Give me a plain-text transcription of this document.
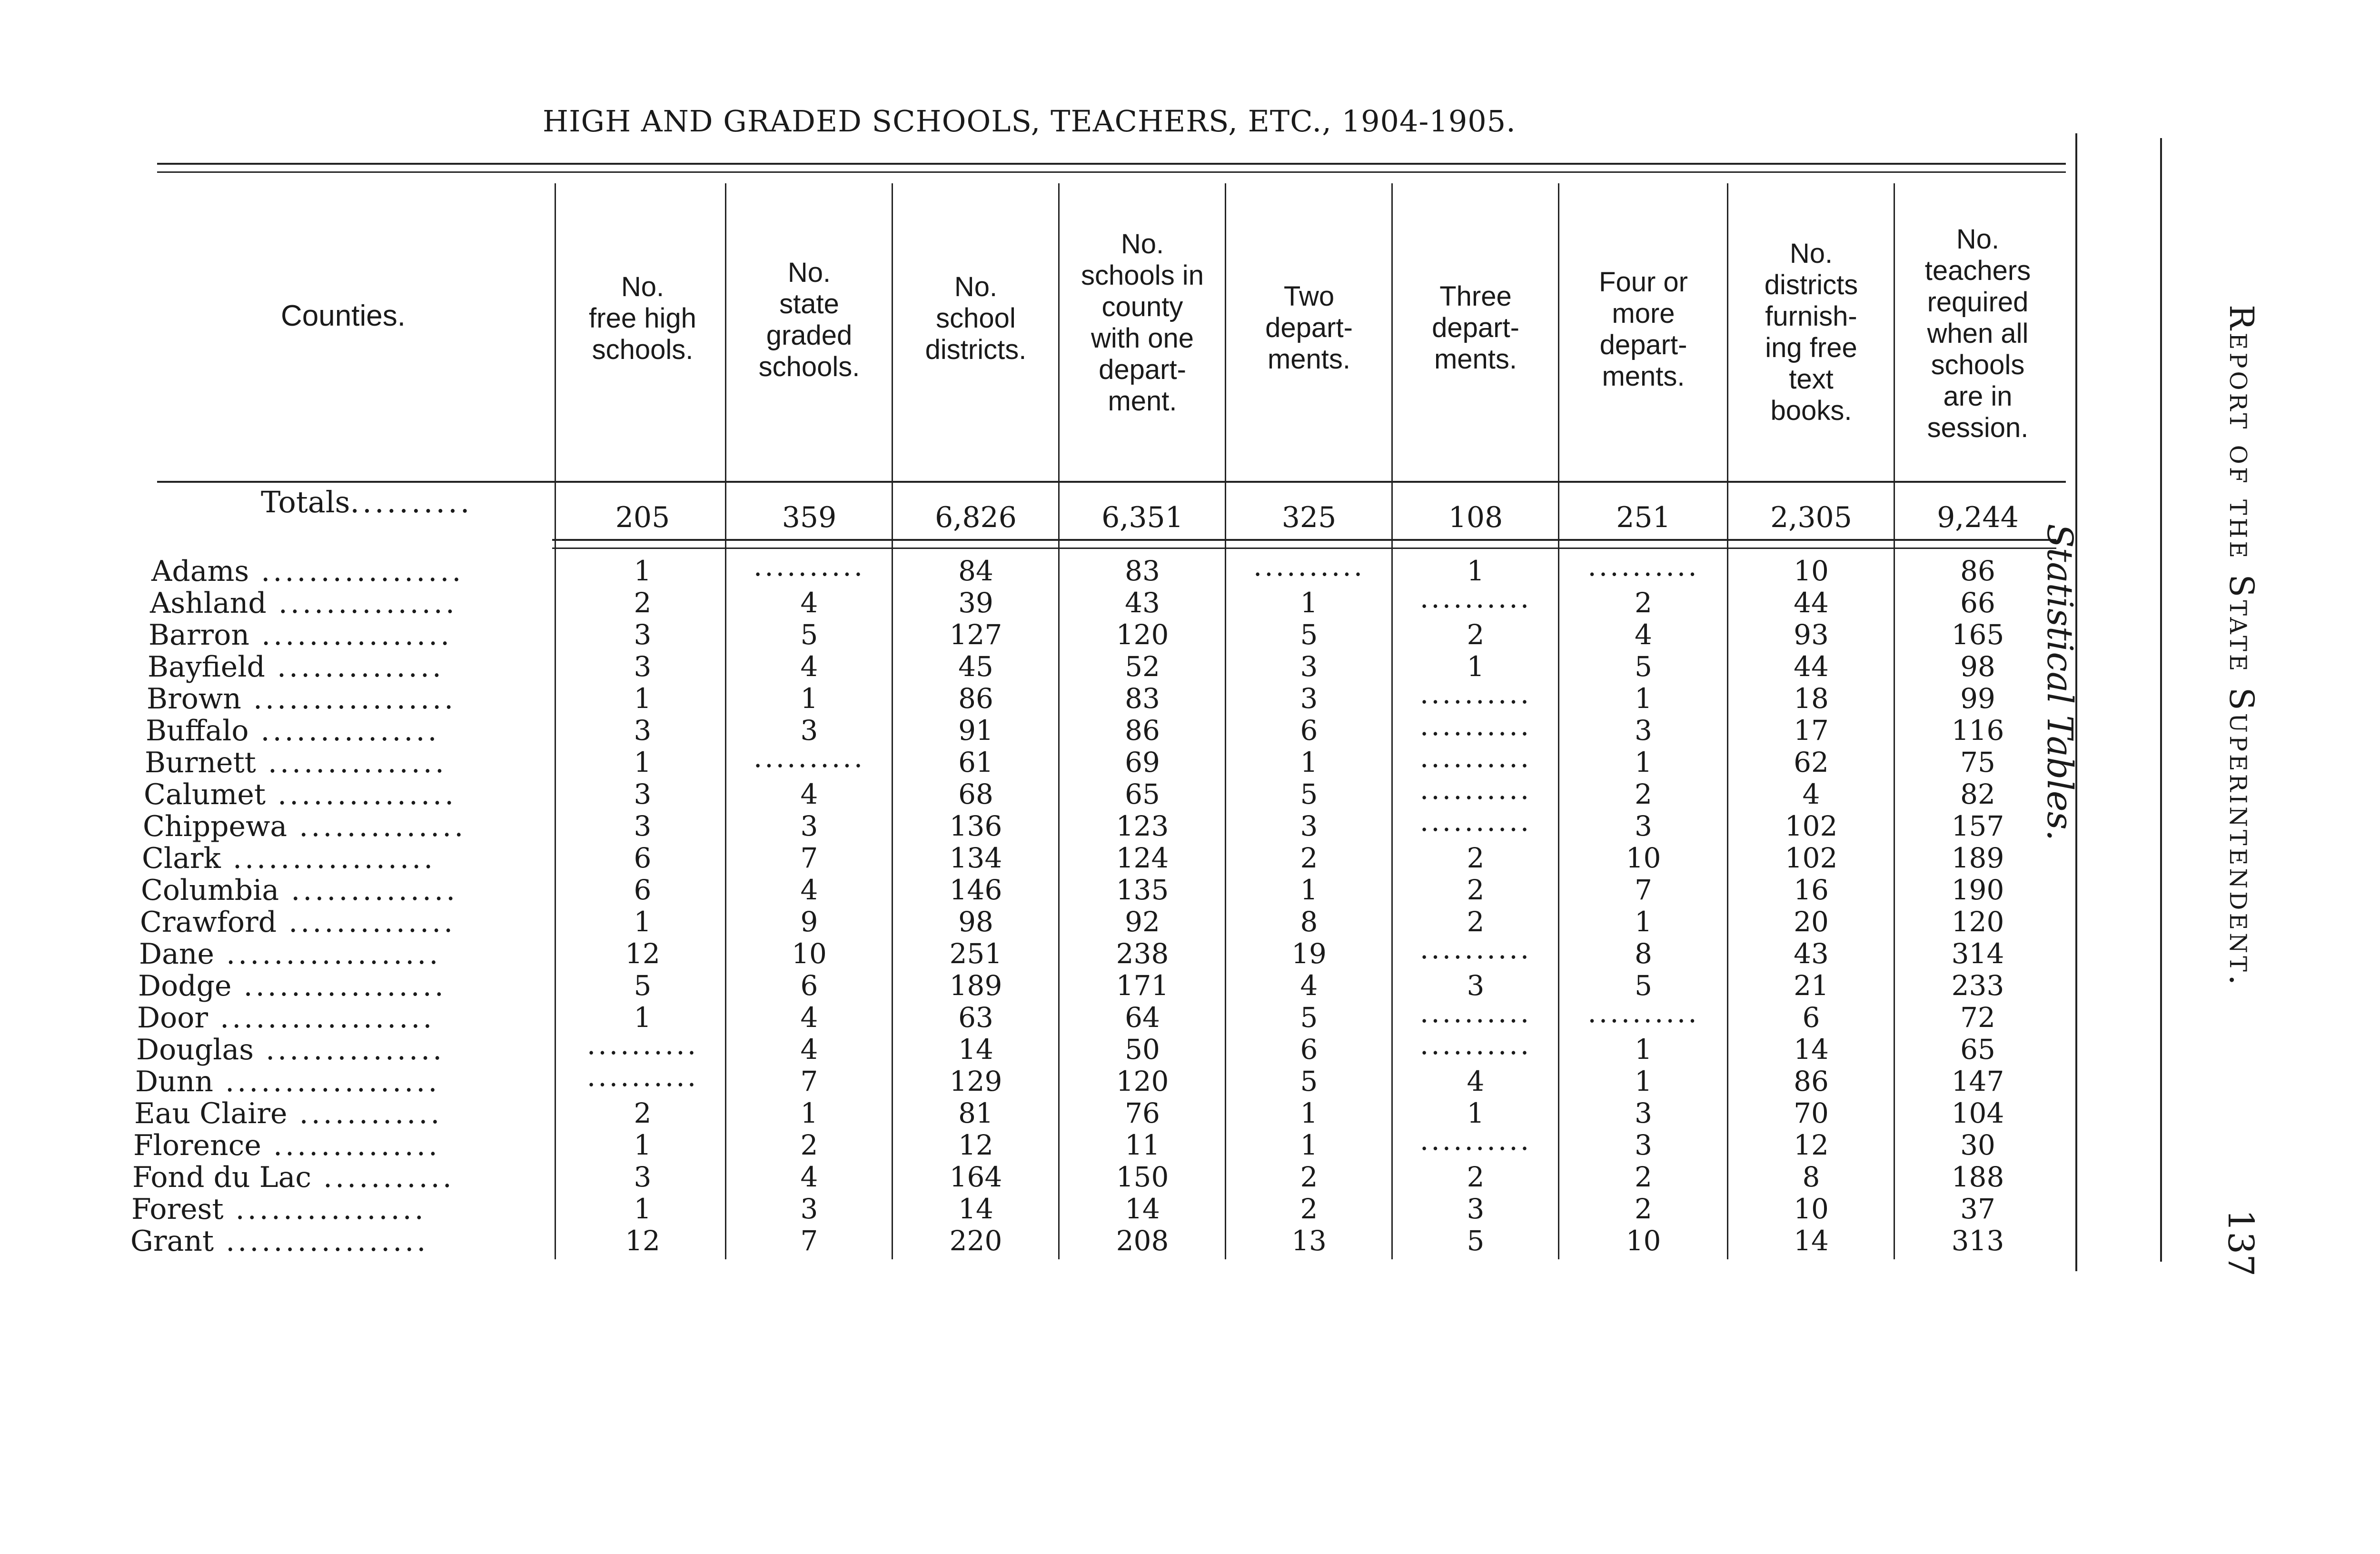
HIGH AND GRADED SCHOOLS, TEACHERS, ETC., 1904-1905.
Counties.
No.
free high
schools.
No.
state
graded
schools.
No.
school
districts.
No.
schools in
county
with one
depart-
ment.
Two
depart-
ments.
Three
depart-
ments.
Four or
more
depart-
ments.
No.
districts
furnish-
ing free
text
books.
No.
teachers
required
when all
schools
are in
session.
Totals..........	205	359	6,826	6,351	325	108	251	2,305	9,244
Adams .................	1	..........	84	83	..........	1	..........	10	86
Ashland ...............	2	4	39	43	1	..........	2	44	66
Barron ................	3	5	127	120	5	2	4	93	165
Bayfield ..............	3	4	45	52	3	1	5	44	98
Brown .................	1	1	86	83	3	..........	1	18	99
Buffalo ...............	3	3	91	86	6	..........	3	17	116
Burnett ...............	1	..........	61	69	1	..........	1	62	75
Calumet ...............	3	4	68	65	5	..........	2	4	82
Chippewa ..............	3	3	136	123	3	..........	3	102	157
Clark .................	6	7	134	124	2	2	10	102	189
Columbia ..............	6	4	146	135	1	2	7	16	190
Crawford ..............	1	9	98	92	8	2	1	20	120
Dane ..................	12	10	251	238	19	..........	8	43	314
Dodge .................	5	6	189	171	4	3	5	21	233
Door ..................	1	4	63	64	5	.......... ..........	6	72
Douglas ...............	..........	4	14	50	6	..........	1	14	65
Dunn ..................	..........	7	129	120	5	4	1	86	147
Eau Claire ............	2	1	81	76	1	1	3	70	104
Florence ..............	1	2	12	11	1	..........	3	12	30
Fond du Lac ...........	3	4	164	150	2	2	2	8	188
Forest ................	1	3	14	14	2	3	2	10	37
Grant .................	12	7	220	208	13	5	10	14	313
Statistical Tables.	Report of the State Superintendent.
137
